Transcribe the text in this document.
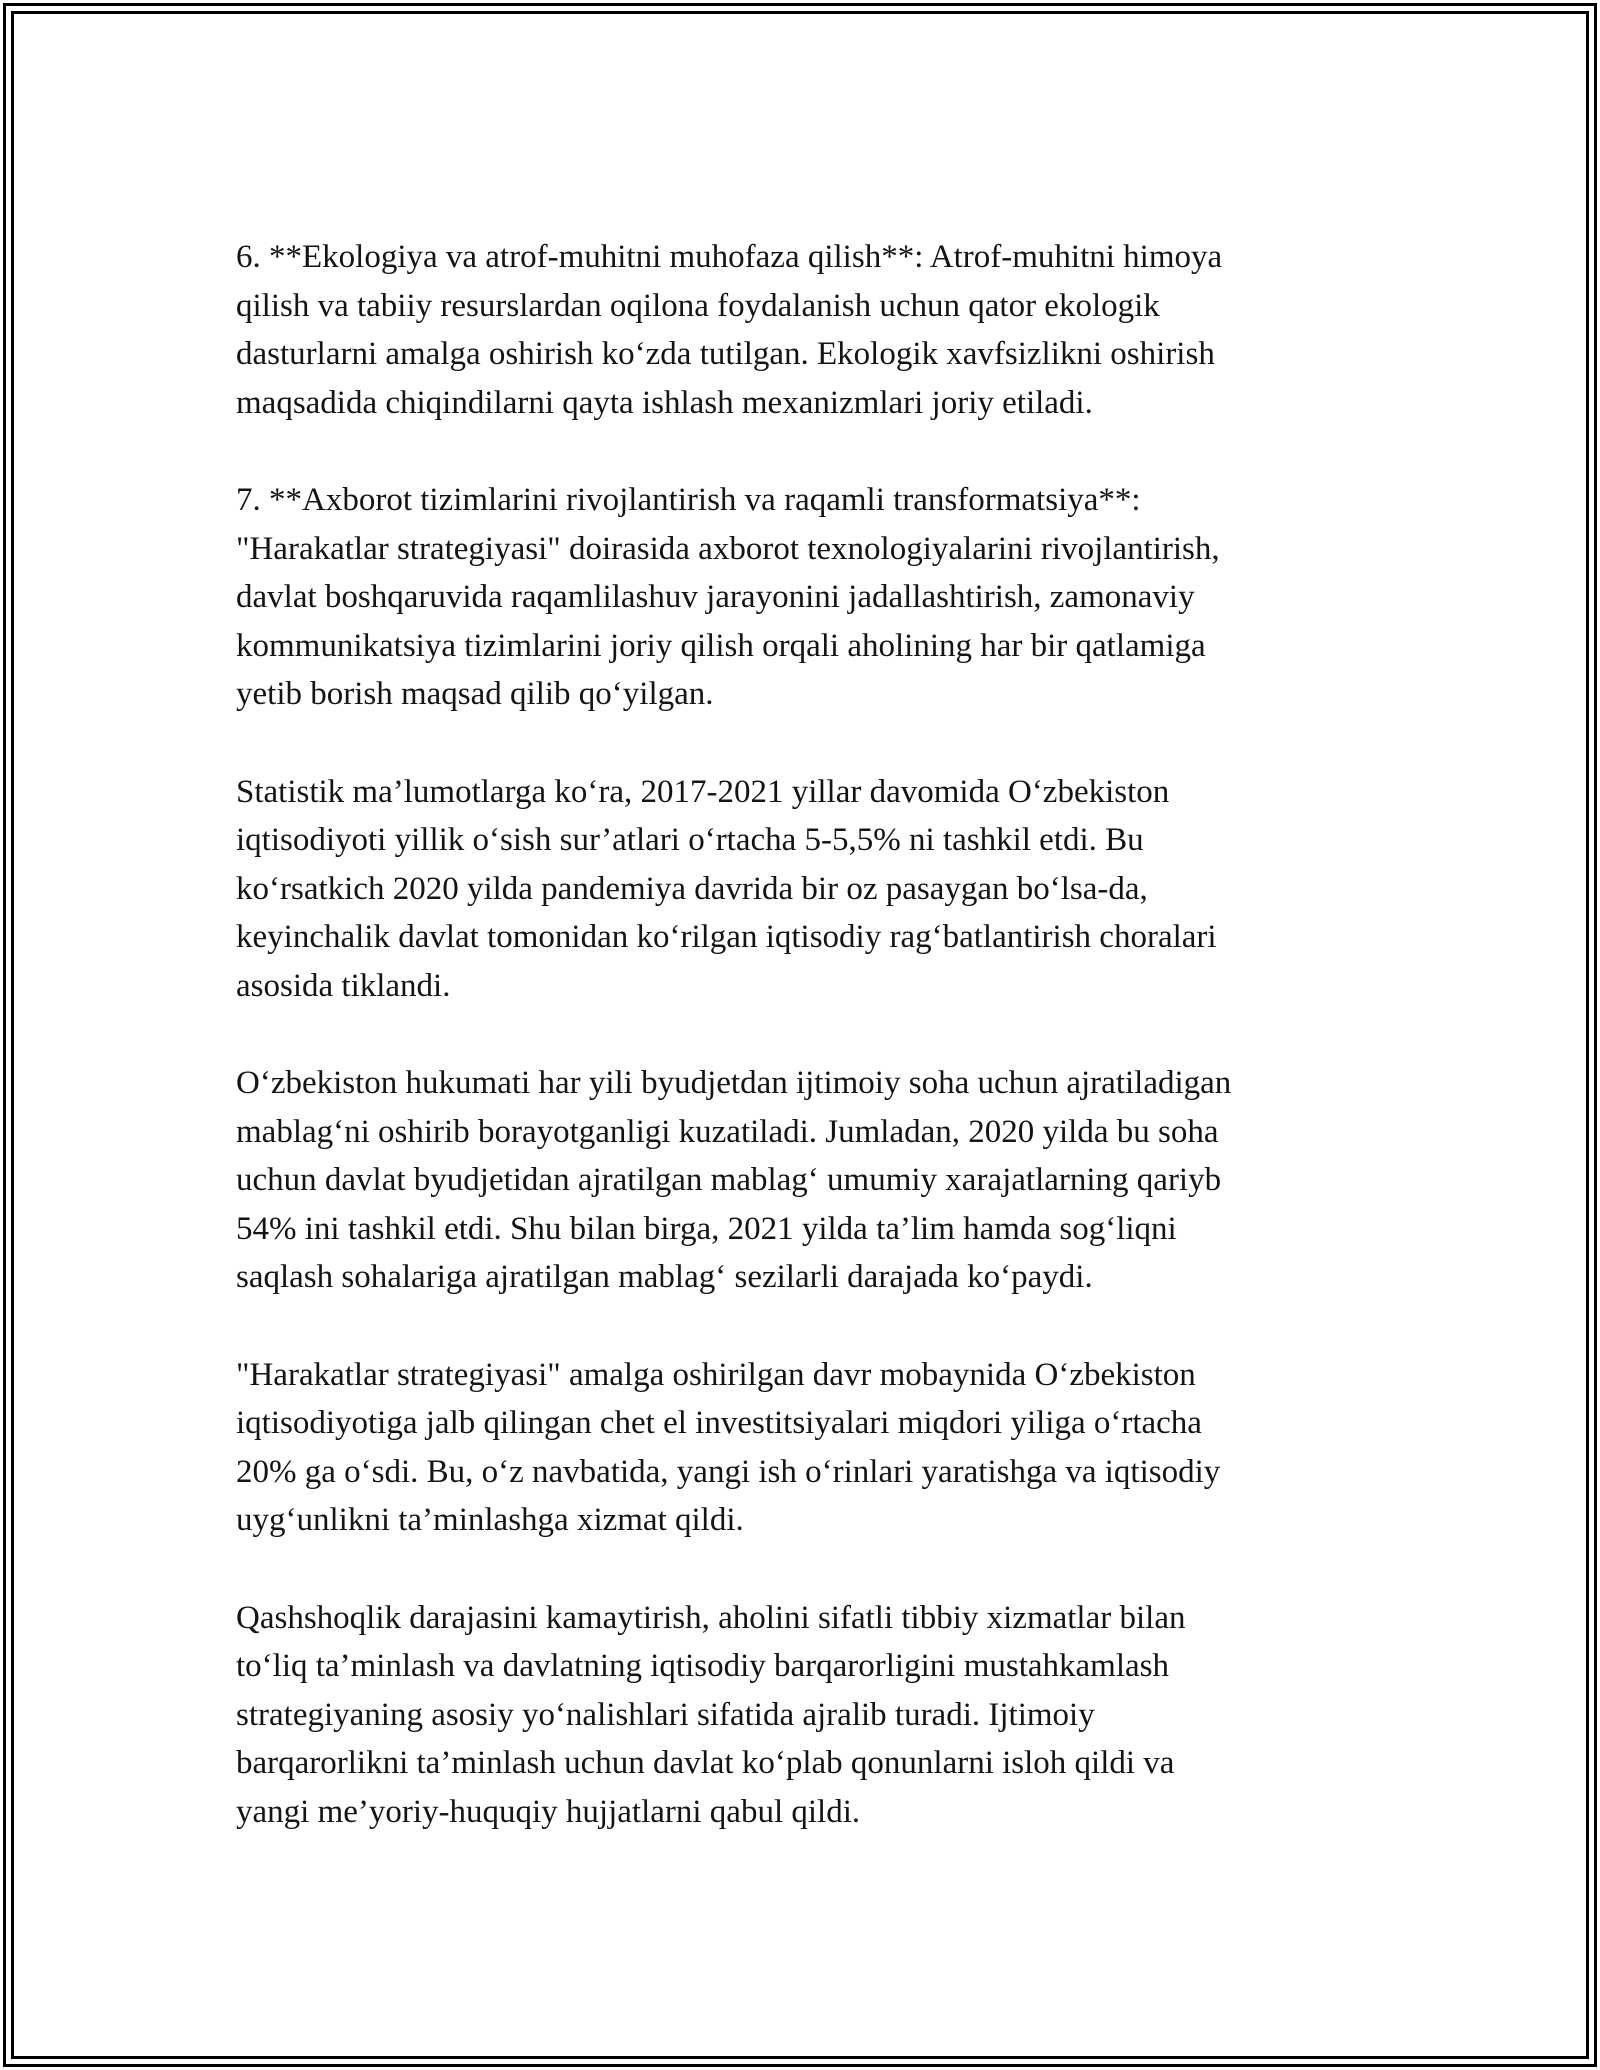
6. **Ekologiya va atrof-muhitni muhofaza qilish**: Atrof-muhitni himoya
qilish va tabiiy resurslardan oqilona foydalanish uchun qator ekologik
dasturlarni amalga oshirish ko‘zda tutilgan. Ekologik xavfsizlikni oshirish
maqsadida chiqindilarni qayta ishlash mexanizmlari joriy etiladi.

7. **Axborot tizimlarini rivojlantirish va raqamli transformatsiya**:
"Harakatlar strategiyasi" doirasida axborot texnologiyalarini rivojlantirish,
davlat boshqaruvida raqamlilashuv jarayonini jadallashtirish, zamonaviy
kommunikatsiya tizimlarini joriy qilish orqali aholining har bir qatlamiga
yetib borish maqsad qilib qo‘yilgan.

Statistik ma’lumotlarga ko‘ra, 2017-2021 yillar davomida O‘zbekiston
iqtisodiyoti yillik o‘sish sur’atlari o‘rtacha 5-5,5% ni tashkil etdi. Bu
ko‘rsatkich 2020 yilda pandemiya davrida bir oz pasaygan bo‘lsa-da,
keyinchalik davlat tomonidan ko‘rilgan iqtisodiy rag‘batlantirish choralari
asosida tiklandi.

O‘zbekiston hukumati har yili byudjetdan ijtimoiy soha uchun ajratiladigan
mablag‘ni oshirib borayotganligi kuzatiladi. Jumladan, 2020 yilda bu soha
uchun davlat byudjetidan ajratilgan mablag‘ umumiy xarajatlarning qariyb
54% ini tashkil etdi. Shu bilan birga, 2021 yilda ta’lim hamda sog‘liqni
saqlash sohalariga ajratilgan mablag‘ sezilarli darajada ko‘paydi.

"Harakatlar strategiyasi" amalga oshirilgan davr mobaynida O‘zbekiston
iqtisodiyotiga jalb qilingan chet el investitsiyalari miqdori yiliga o‘rtacha
20% ga o‘sdi. Bu, o‘z navbatida, yangi ish o‘rinlari yaratishga va iqtisodiy
uyg‘unlikni ta’minlashga xizmat qildi.

Qashshoqlik darajasini kamaytirish, aholini sifatli tibbiy xizmatlar bilan
to‘liq ta’minlash va davlatning iqtisodiy barqarorligini mustahkamlash
strategiyaning asosiy yo‘nalishlari sifatida ajralib turadi. Ijtimoiy
barqarorlikni ta’minlash uchun davlat ko‘plab qonunlarni isloh qildi va
yangi me’yoriy-huquqiy hujjatlarni qabul qildi.
